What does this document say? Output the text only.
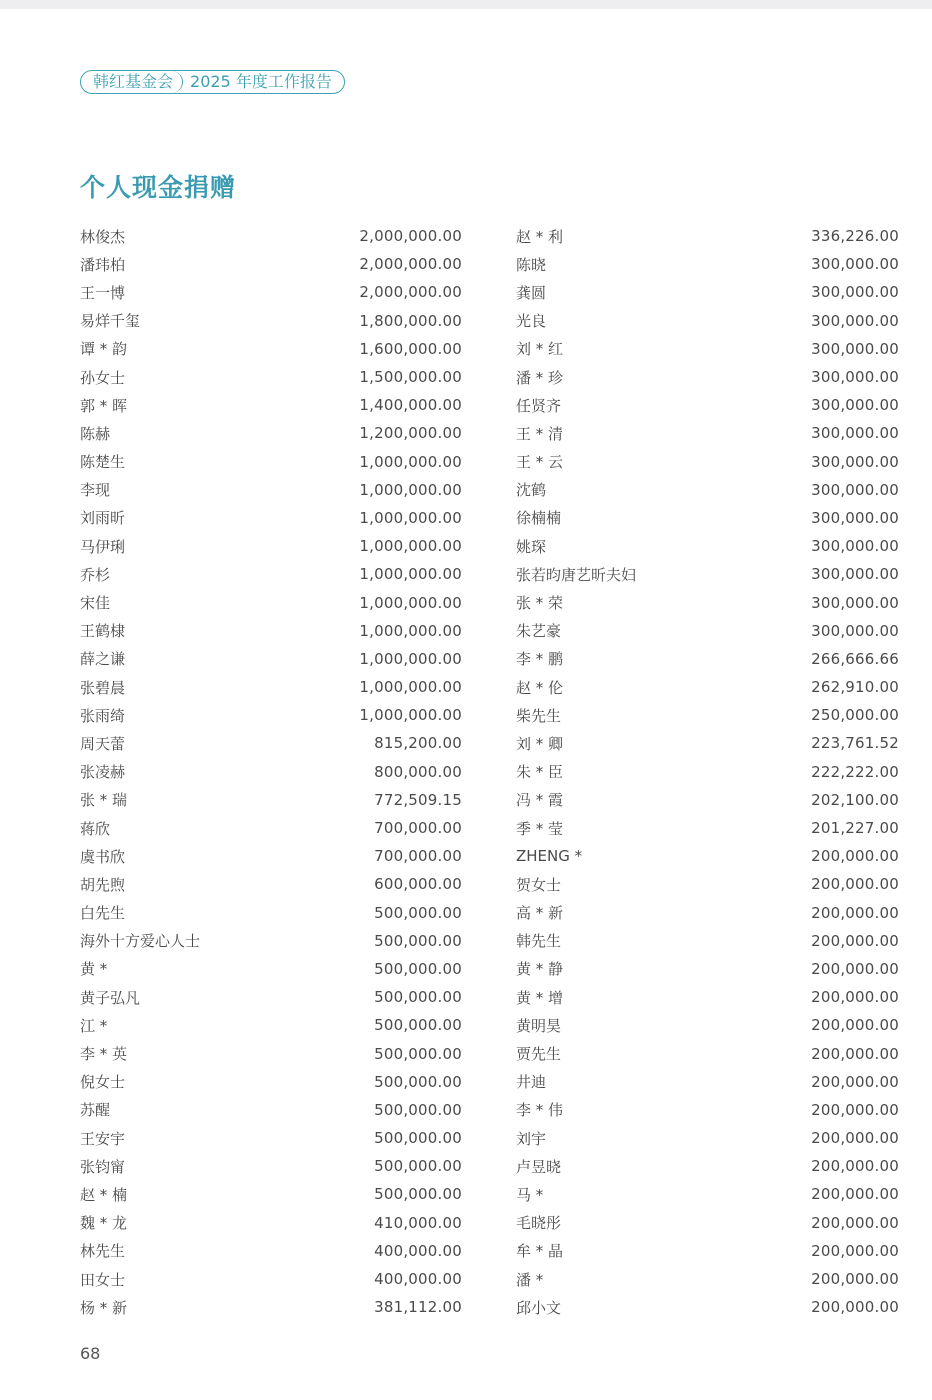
韩红基金会	2025 年度工作报告
个人现金捐赠
林俊杰	2,000,000.00
潘玮柏	2,000,000.00
王一博	2,000,000.00
易烊千玺	1,800,000.00
谭 * 韵	1,600,000.00
孙女士	1,500,000.00
郭 * 晖	1,400,000.00
陈赫	1,200,000.00
陈楚生	1,000,000.00
李现	1,000,000.00
刘雨昕	1,000,000.00
马伊琍	1,000,000.00
乔杉	1,000,000.00
宋佳	1,000,000.00
王鹤棣	1,000,000.00
薛之谦	1,000,000.00
张碧晨	1,000,000.00
张雨绮	1,000,000.00
周天蕾	815,200.00
张凌赫	800,000.00
张 * 瑞	772,509.15
蒋欣	700,000.00
虞书欣	700,000.00
胡先煦	600,000.00
白先生	500,000.00
海外十方爱心人士	500,000.00
黄 *	500,000.00
黄子弘凡	500,000.00
江 *	500,000.00
李 * 英	500,000.00
倪女士	500,000.00
苏醒	500,000.00
王安宇	500,000.00
张钧甯	500,000.00
赵 * 楠	500,000.00
魏 * 龙	410,000.00
林先生	400,000.00
田女士	400,000.00
杨 * 新	381,112.00
赵 * 利	336,226.00
陈晓	300,000.00
龚圆	300,000.00
光良	300,000.00
刘 * 红	300,000.00
潘 * 珍	300,000.00
任贤齐	300,000.00
王 * 清	300,000.00
王 * 云	300,000.00
沈鹤	300,000.00
徐楠楠	300,000.00
姚琛	300,000.00
张若昀唐艺昕夫妇	300,000.00
张 * 荣	300,000.00
朱艺豪	300,000.00
李 * 鹏	266,666.66
赵 * 伦	262,910.00
柴先生	250,000.00
刘 * 卿	223,761.52
朱 * 臣	222,222.00
冯 * 霞	202,100.00
季 * 莹	201,227.00
ZHENG *	200,000.00
贺女士	200,000.00
高 * 新	200,000.00
韩先生	200,000.00
黄 * 静	200,000.00
黄 * 增	200,000.00
黄明昊	200,000.00
贾先生	200,000.00
井迪	200,000.00
李 * 伟	200,000.00
刘宇	200,000.00
卢昱晓	200,000.00
马 *	200,000.00
毛晓彤	200,000.00
牟 * 晶	200,000.00
潘 *	200,000.00
邱小文	200,000.00
68
